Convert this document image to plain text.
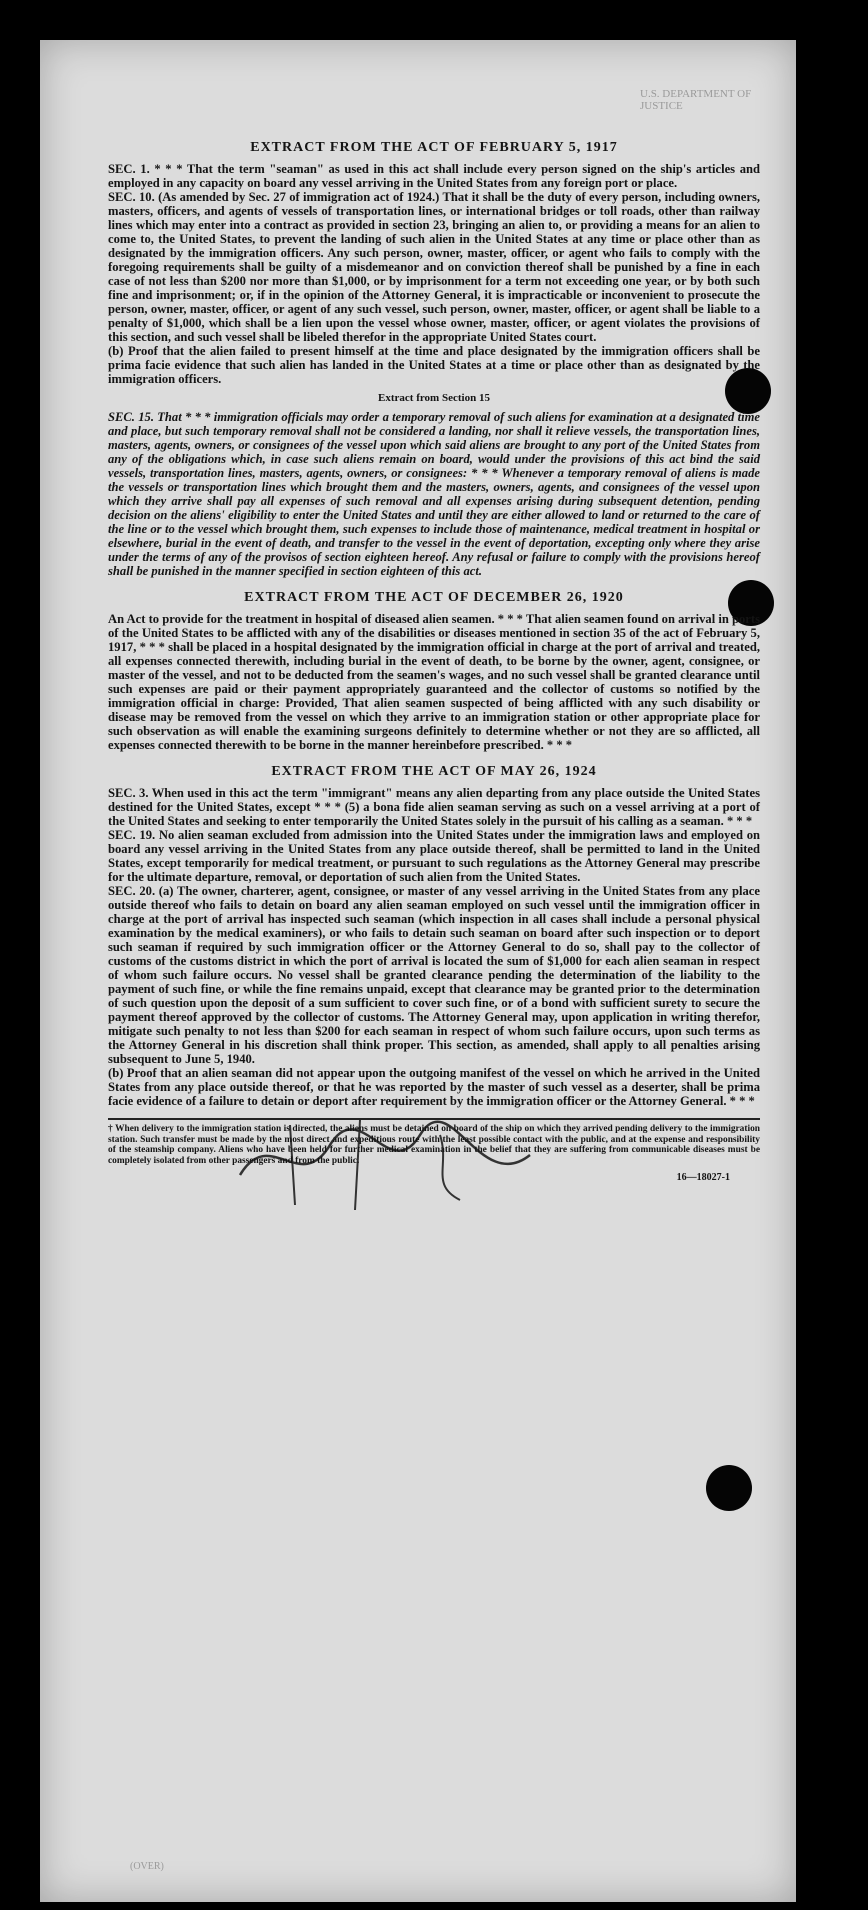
U.S. DEPARTMENT OF JUSTICE
EXTRACT FROM THE ACT OF FEBRUARY 5, 1917

SEC. 1. * * * That the term "seaman" as used in this act shall include every person signed on the ship's articles and employed in any capacity on board any vessel arriving in the United States from any foreign port or place.

SEC. 10. (As amended by Sec. 27 of immigration act of 1924.) That it shall be the duty of every person, including owners, masters, officers, and agents of vessels of transportation lines, or international bridges or toll roads, other than railway lines which may enter into a contract as provided in section 23, bringing an alien to, or providing a means for an alien to come to, the United States, to prevent the landing of such alien in the United States at any time or place other than as designated by the immigration officers. Any such person, owner, master, officer, or agent who fails to comply with the foregoing requirements shall be guilty of a misdemeanor and on conviction thereof shall be punished by a fine in each case of not less than $200 nor more than $1,000, or by imprisonment for a term not exceeding one year, or by both such fine and imprisonment; or, if in the opinion of the Attorney General, it is impracticable or inconvenient to prosecute the person, owner, master, officer, or agent of any such vessel, such person, owner, master, officer, or agent shall be liable to a penalty of $1,000, which shall be a lien upon the vessel whose owner, master, officer, or agent violates the provisions of this section, and such vessel shall be libeled therefor in the appropriate United States court.

(b) Proof that the alien failed to present himself at the time and place designated by the immigration officers shall be prima facie evidence that such alien has landed in the United States at a time or place other than as designated by the immigration officers.

Extract from Section 15

SEC. 15. That * * * immigration officials may order a temporary removal of such aliens for examination at a designated time and place, but such temporary removal shall not be considered a landing, nor shall it relieve vessels, the transportation lines, masters, agents, owners, or consignees of the vessel upon which said aliens are brought to any port of the United States from any of the obligations which, in case such aliens remain on board, would under the provisions of this act bind the said vessels, transportation lines, masters, agents, owners, or consignees: * * * Whenever a temporary removal of aliens is made the vessels or transportation lines which brought them and the masters, owners, agents, and consignees of the vessel upon which they arrive shall pay all expenses of such removal and all expenses arising during subsequent detention, pending decision on the aliens' eligibility to enter the United States and until they are either allowed to land or returned to the care of the line or to the vessel which brought them, such expenses to include those of maintenance, medical treatment in hospital or elsewhere, burial in the event of death, and transfer to the vessel in the event of deportation, excepting only where they arise under the terms of any of the provisos of section eighteen hereof. Any refusal or failure to comply with the provisions hereof shall be punished in the manner specified in section eighteen of this act.

EXTRACT FROM THE ACT OF DECEMBER 26, 1920

An Act to provide for the treatment in hospital of diseased alien seamen. * * * That alien seamen found on arrival in ports of the United States to be afflicted with any of the disabilities or diseases mentioned in section 35 of the act of February 5, 1917, * * * shall be placed in a hospital designated by the immigration official in charge at the port of arrival and treated, all expenses connected therewith, including burial in the event of death, to be borne by the owner, agent, consignee, or master of the vessel, and not to be deducted from the seamen's wages, and no such vessel shall be granted clearance until such expenses are paid or their payment appropriately guaranteed and the collector of customs so notified by the immigration official in charge: Provided, That alien seamen suspected of being afflicted with any such disability or disease may be removed from the vessel on which they arrive to an immigration station or other appropriate place for such observation as will enable the examining surgeons definitely to determine whether or not they are so afflicted, all expenses connected therewith to be borne in the manner hereinbefore prescribed. * * *

EXTRACT FROM THE ACT OF MAY 26, 1924

SEC. 3. When used in this act the term "immigrant" means any alien departing from any place outside the United States destined for the United States, except * * * (5) a bona fide alien seaman serving as such on a vessel arriving at a port of the United States and seeking to enter temporarily the United States solely in the pursuit of his calling as a seaman. * * *

SEC. 19. No alien seaman excluded from admission into the United States under the immigration laws and employed on board any vessel arriving in the United States from any place outside thereof, shall be permitted to land in the United States, except temporarily for medical treatment, or pursuant to such regulations as the Attorney General may prescribe for the ultimate departure, removal, or deportation of such alien from the United States.

SEC. 20. (a) The owner, charterer, agent, consignee, or master of any vessel arriving in the United States from any place outside thereof who fails to detain on board any alien seaman employed on such vessel until the immigration officer in charge at the port of arrival has inspected such seaman (which inspection in all cases shall include a personal physical examination by the medical examiners), or who fails to detain such seaman on board after such inspection or to deport such seaman if required by such immigration officer or the Attorney General to do so, shall pay to the collector of customs of the customs district in which the port of arrival is located the sum of $1,000 for each alien seaman in respect of whom such failure occurs. No vessel shall be granted clearance pending the determination of the liability to the payment of such fine, or while the fine remains unpaid, except that clearance may be granted prior to the determination of such question upon the deposit of a sum sufficient to cover such fine, or of a bond with sufficient surety to secure the payment thereof approved by the collector of customs. The Attorney General may, upon application in writing therefor, mitigate such penalty to not less than $200 for each seaman in respect of whom such failure occurs, upon such terms as the Attorney General in his discretion shall think proper. This section, as amended, shall apply to all penalties arising subsequent to June 5, 1940.

(b) Proof that an alien seaman did not appear upon the outgoing manifest of the vessel on which he arrived in the United States from any place outside thereof, or that he was reported by the master of such vessel as a deserter, shall be prima facie evidence of a failure to detain or deport after requirement by the immigration officer or the Attorney General. * * *

† When delivery to the immigration station is directed, the aliens must be detained on board of the ship on which they arrived pending delivery to the immigration station. Such transfer must be made by the most direct and expeditious route with the least possible contact with the public, and at the expense and responsibility of the steamship company. Aliens who have been held for further medical examination in the belief that they are suffering from communicable diseases must be completely isolated from other passengers and from the public.

16—18027-1
(OVER)
